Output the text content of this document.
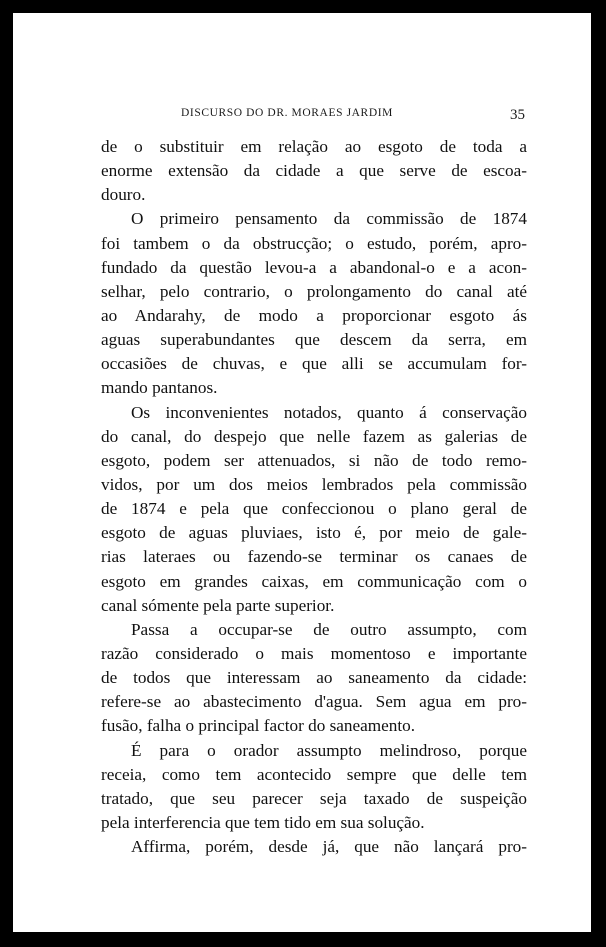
DISCURSO DO DR. MORAES JARDIM	35
de o substituir em relação ao esgoto de toda a
enorme extensão da cidade a que serve de escoa-
douro.
O primeiro pensamento da commissão de 1874
foi tambem o da obstrucção; o estudo, porém, apro-
fundado da questão levou-a a abandonal-o e a acon-
selhar, pelo contrario, o prolongamento do canal até
ao Andarahy, de modo a proporcionar esgoto ás
aguas superabundantes que descem da serra, em
occasiões de chuvas, e que alli se accumulam for-
mando pantanos.
Os inconvenientes notados, quanto á conservação
do canal, do despejo que nelle fazem as galerias de
esgoto, podem ser attenuados, si não de todo remo-
vidos, por um dos meios lembrados pela commissão
de 1874 e pela que confeccionou o plano geral de
esgoto de aguas pluviaes, isto é, por meio de gale-
rias lateraes ou fazendo-se terminar os canaes de
esgoto em grandes caixas, em communicação com o
canal sómente pela parte superior.
Passa a occupar-se de outro assumpto, com
razão considerado o mais momentoso e importante
de todos que interessam ao saneamento da cidade:
refere-se ao abastecimento d'agua. Sem agua em pro-
fusão, falha o principal factor do saneamento.
É para o orador assumpto melindroso, porque
receia, como tem acontecido sempre que delle tem
tratado, que seu parecer seja taxado de suspeição
pela interferencia que tem tido em sua solução.
Affirma, porém, desde já, que não lançará pro-
